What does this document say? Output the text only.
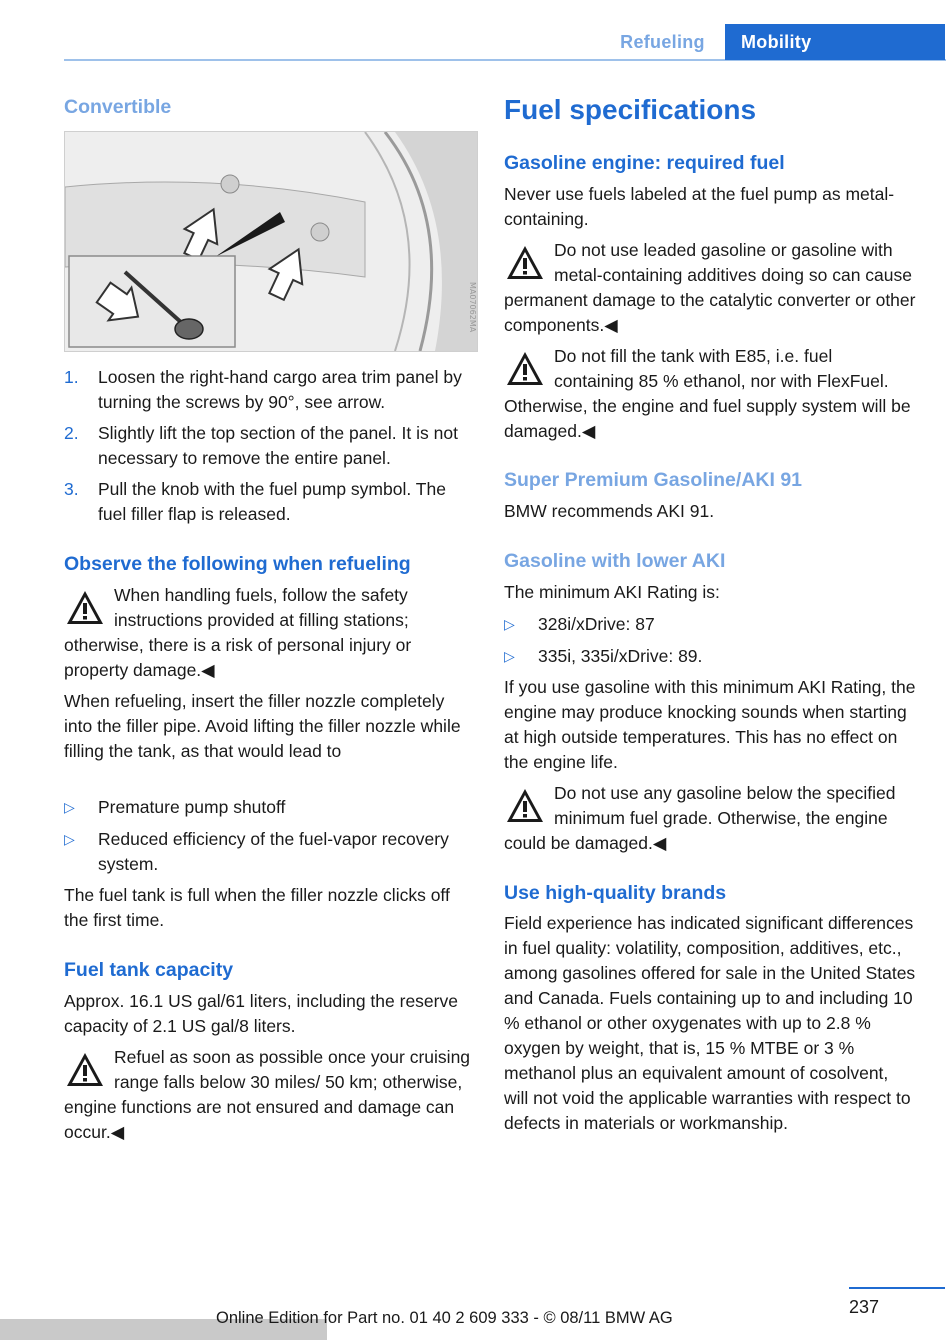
Refueling	Mobility
Convertible
1. Loosen the right-hand cargo area trim panel by turning the screws by 90°, see arrow.

2. Slightly lift the top section of the panel. It is not necessary to remove the entire panel.

3. Pull the knob with the fuel pump symbol. The fuel filler flap is released.

Observe the following when refueling

When handling fuels, follow the safety instructions provided at filling stations; otherwise, there is a risk of personal injury or property damage.◀

When refueling, insert the filler nozzle completely into the filler pipe. Avoid lifting the filler nozzle while filling the tank, as that would lead to

▷ Premature pump shutoff

▷ Reduced efficiency of the fuel-vapor recovery system.

The fuel tank is full when the filler nozzle clicks off the first time.

Fuel tank capacity

Approx. 16.1 US gal/61 liters, including the reserve capacity of 2.1 US gal/8 liters.

Refuel as soon as possible once your cruising range falls below 30 miles/ 50 km; otherwise, engine functions are not ensured and damage can occur.◀

MA07062MA
Fuel specifications
Gasoline engine: required fuel

Never use fuels labeled at the fuel pump as metal-containing.

Do not use leaded gasoline or gasoline with metal-containing additives doing so can cause permanent damage to the catalytic converter or other components.◀

Do not fill the tank with E85, i.e. fuel containing 85 % ethanol, nor with FlexFuel. Otherwise, the engine and fuel supply system will be damaged.◀

Super Premium Gasoline/AKI 91

BMW recommends AKI 91.

Gasoline with lower AKI

The minimum AKI Rating is:

▷ 328i/xDrive: 87

▷ 335i, 335i/xDrive: 89.

If you use gasoline with this minimum AKI Rating, the engine may produce knocking sounds when starting at high outside temperatures. This has no effect on the engine life.

Do not use any gasoline below the specified minimum fuel grade. Otherwise, the engine could be damaged.◀

Use high-quality brands

Field experience has indicated significant differences in fuel quality: volatility, composition, additives, etc., among gasolines offered for sale in the United States and Canada. Fuels containing up to and including 10 % ethanol or other oxygenates with up to 2.8 % oxygen by weight, that is, 15 % MTBE or 3 % methanol plus an equivalent amount of cosolvent, will not void the applicable warranties with respect to defects in materials or workmanship.

237
Online Edition for Part no. 01 40 2 609 333 - © 08/11 BMW AG
